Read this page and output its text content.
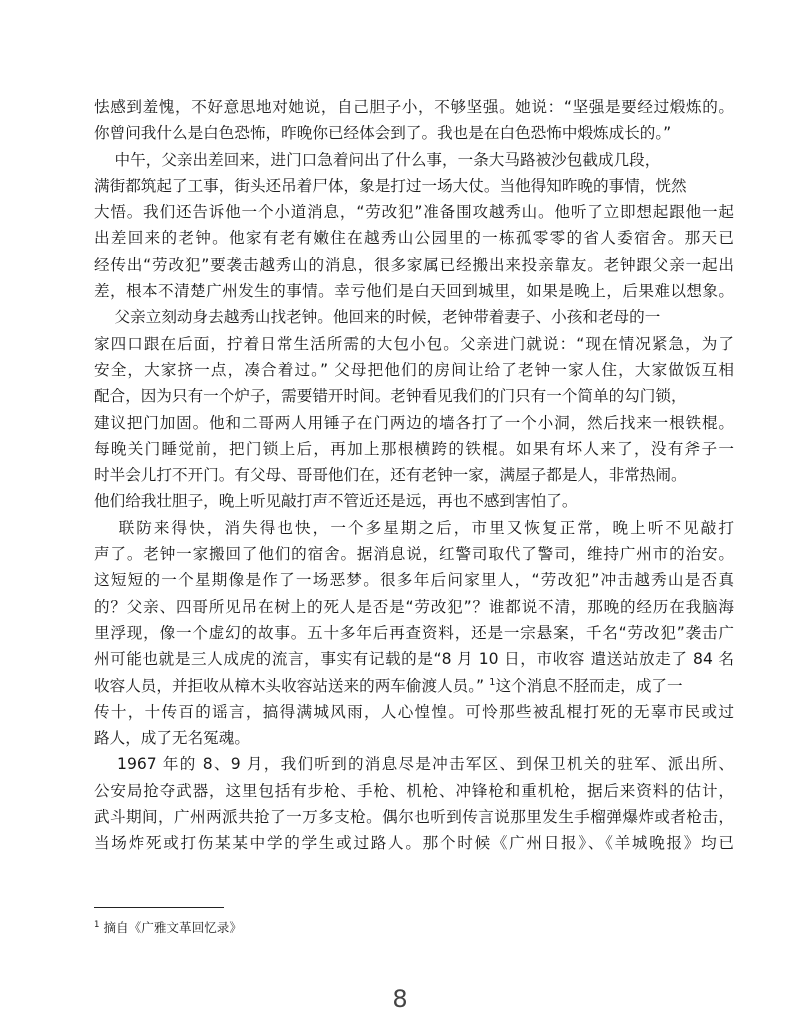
怯感到羞愧，不好意思地对她说，自己胆子小，不够坚强。她说：“坚强是要经过煅炼的。
你曾问我什么是白色恐怖，昨晚你已经体会到了。我也是在白色恐怖中煅炼成长的。”
　 中午，父亲出差回来，进门口急着问出了什么事，一条大马路被沙包截成几段，
满街都筑起了工事，街头还吊着尸体，象是打过一场大仗。当他得知昨晚的事情，恍然
大悟。我们还告诉他一个小道消息，“劳改犯”准备围攻越秀山。他听了立即想起跟他一起
出差回来的老钟。他家有老有嫩住在越秀山公园里的一栋孤零零的省人委宿舍。那天已
经传出“劳改犯”要袭击越秀山的消息，很多家属已经搬出来投亲靠友。老钟跟父亲一起出
差，根本不清楚广州发生的事情。幸亏他们是白天回到城里，如果是晚上，后果难以想象。
　 父亲立刻动身去越秀山找老钟。他回来的时候，老钟带着妻子、小孩和老母的一
家四口跟在后面，拧着日常生活所需的大包小包。父亲进门就说：“现在情况紧急，为了
安全，大家挤一点，凑合着过。” 父母把他们的房间让给了老钟一家人住，大家做饭互相
配合，因为只有一个炉子，需要错开时间。老钟看见我们的门只有一个简单的勾门锁，
建议把门加固。他和二哥两人用锤子在门两边的墙各打了一个小洞，然后找来一根铁棍。
每晚关门睡觉前，把门锁上后，再加上那根横跨的铁棍。如果有坏人来了，没有斧子一
时半会儿打不开门。有父母、哥哥他们在，还有老钟一家，满屋子都是人，非常热闹。
他们给我壮胆子，晚上听见敲打声不管近还是远，再也不感到害怕了。
　 联防来得快，消失得也快，一个多星期之后，市里又恢复正常，晚上听不见敲打
声了。老钟一家搬回了他们的宿舍。据消息说，红警司取代了警司，维持广州市的治安。
这短短的一个星期像是作了一场恶梦。很多年后问家里人，“劳改犯”冲击越秀山是否真
的？父亲、四哥所见吊在树上的死人是否是“劳改犯”？谁都说不清，那晚的经历在我脑海
里浮现，像一个虚幻的故事。五十多年后再查资料，还是一宗悬案，千名“劳改犯”袭击广
州可能也就是三人成虎的流言，事实有记载的是“8 月 10 日，市收容 遣送站放走了 84 名
收容人员，并拒收从樟木头收容站送来的两车偷渡人员。” $^1$这个消息不胫而走，成了一
传十，十传百的谣言，搞得满城风雨，人心惶惶。可怜那些被乱棍打死的无辜市民或过
路人，成了无名冤魂。
　 1967 年的 8、9 月，我们听到的消息尽是冲击军区、到保卫机关的驻军、派出所、
公安局抢夺武器，这里包括有步枪、手枪、机枪、冲锋枪和重机枪，据后来资料的估计，
武斗期间，广州两派共抢了一万多支枪。偶尔也听到传言说那里发生手榴弹爆炸或者枪击，
当场炸死或打伤某某中学的学生或过路人。那个时候《广州日报》、《羊城晚报》均已
$^1$ 摘自《广雅文革回忆录》
8
